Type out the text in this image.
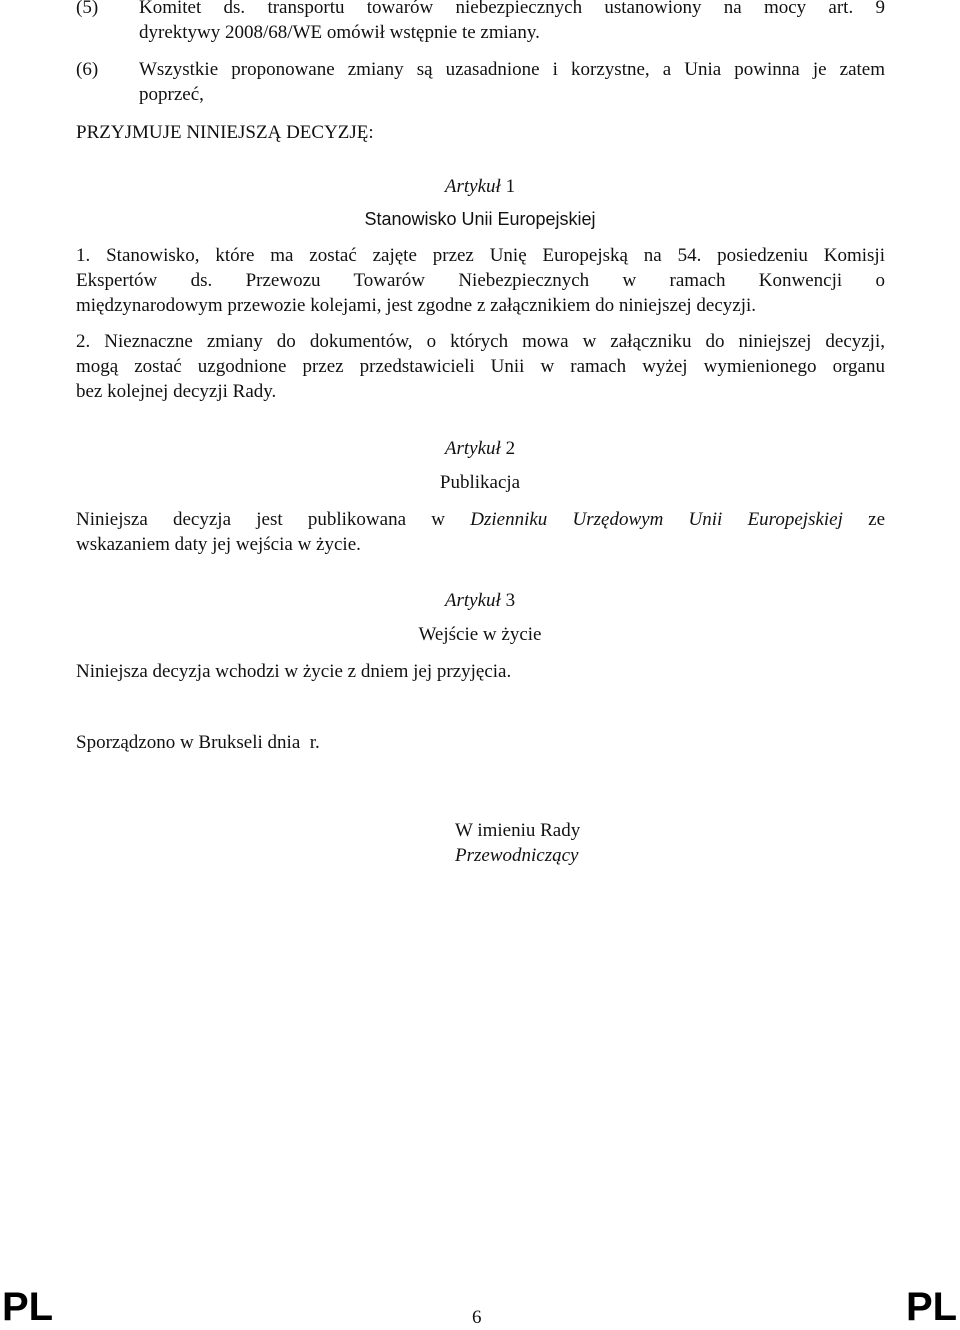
(5) Komitet ds. transportu towarów niebezpiecznych ustanowiony na mocy art. 9
dyrektywy 2008/68/WE omówił wstępnie te zmiany.
(6) Wszystkie proponowane zmiany są uzasadnione i korzystne, a Unia powinna je zatem
poprzeć,
PRZYJMUJE NINIEJSZĄ DECYZJĘ:
Artykuł 1
Stanowisko Unii Europejskiej
1. Stanowisko, które ma zostać zajęte przez Unię Europejską na 54. posiedzeniu Komisji
Ekspertów ds. Przewozu Towarów Niebezpiecznych w ramach Konwencji o
międzynarodowym przewozie kolejami, jest zgodne z załącznikiem do niniejszej decyzji.
2. Nieznaczne zmiany do dokumentów, o których mowa w załączniku do niniejszej decyzji,
mogą zostać uzgodnione przez przedstawicieli Unii w ramach wyżej wymienionego organu
bez kolejnej decyzji Rady.
Artykuł 2
Publikacja
Niniejsza decyzja jest publikowana w Dzienniku Urzędowym Unii Europejskiej ze
wskazaniem daty jej wejścia w życie.
Artykuł 3
Wejście w życie
Niniejsza decyzja wchodzi w życie z dniem jej przyjęcia.
Sporządzono w Brukseli dnia  r.
W imieniu Rady
Przewodniczący
PL	6	PL
